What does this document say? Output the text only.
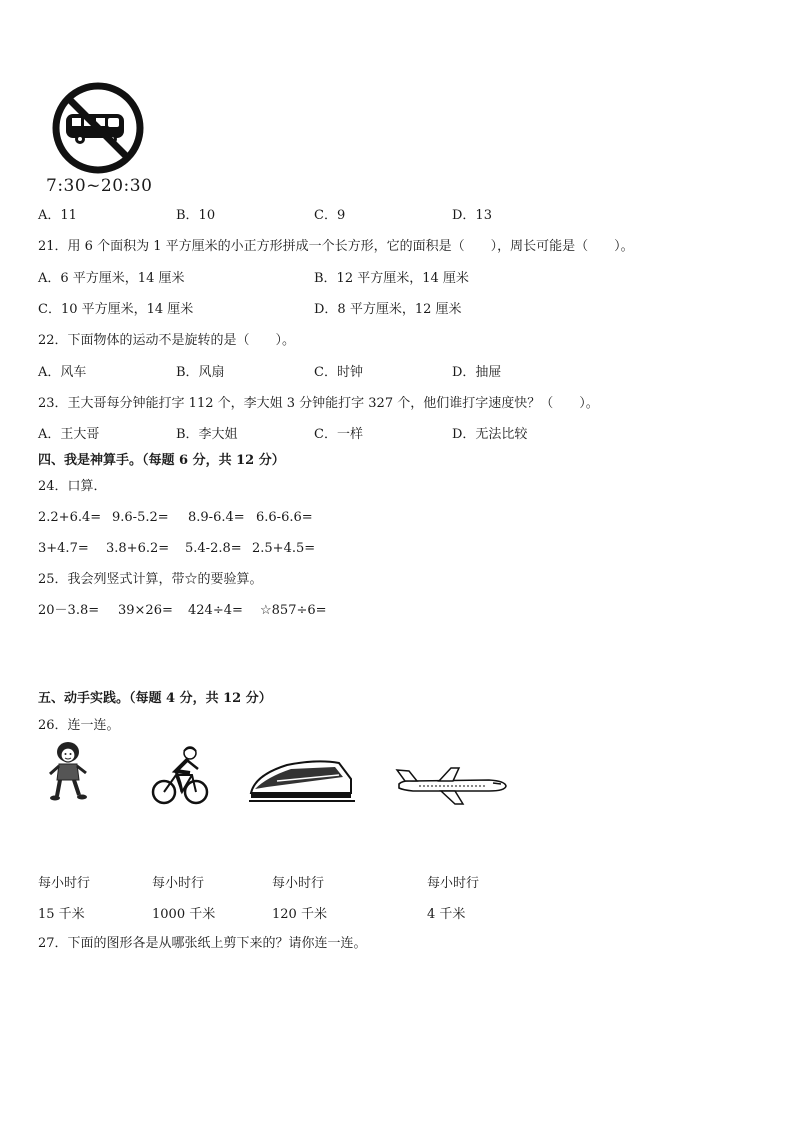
7:30~20:30
A．11	B．10	C．9	D．13
21．用 6 个面积为 1 平方厘米的小正方形拼成一个长方形，它的面积是（　　），周长可能是（　　）。
A．6 平方厘米，14 厘米	B．12 平方厘米，14 厘米
C．10 平方厘米，14 厘米	D．8 平方厘米，12 厘米
22．下面物体的运动不是旋转的是（　　）。
A．风车	B．风扇	C．时钟	D．抽屉
23．王大哥每分钟能打字 112 个，李大姐 3 分钟能打字 327 个，他们谁打字速度快？（　　）。
A．王大哥	B．李大姐	C．一样	D．无法比较
四、我是神算手。（每题 6 分，共 12 分）
24．口算．
2.2+6.4= 9.6-5.2= 8.9-6.4= 6.6-6.6=
3+4.7= 3.8+6.2= 5.4-2.8= 2.5+4.5=
25．我会列竖式计算，带☆的要验算。
20－3.8= 39×26= 424÷4= ☆857÷6=
五、动手实践。（每题 4 分，共 12 分）
26．连一连。
每小时行	每小时行	每小时行	每小时行
15 千米	1000 千米	120 千米	4 千米
27．下面的图形各是从哪张纸上剪下来的？请你连一连。
